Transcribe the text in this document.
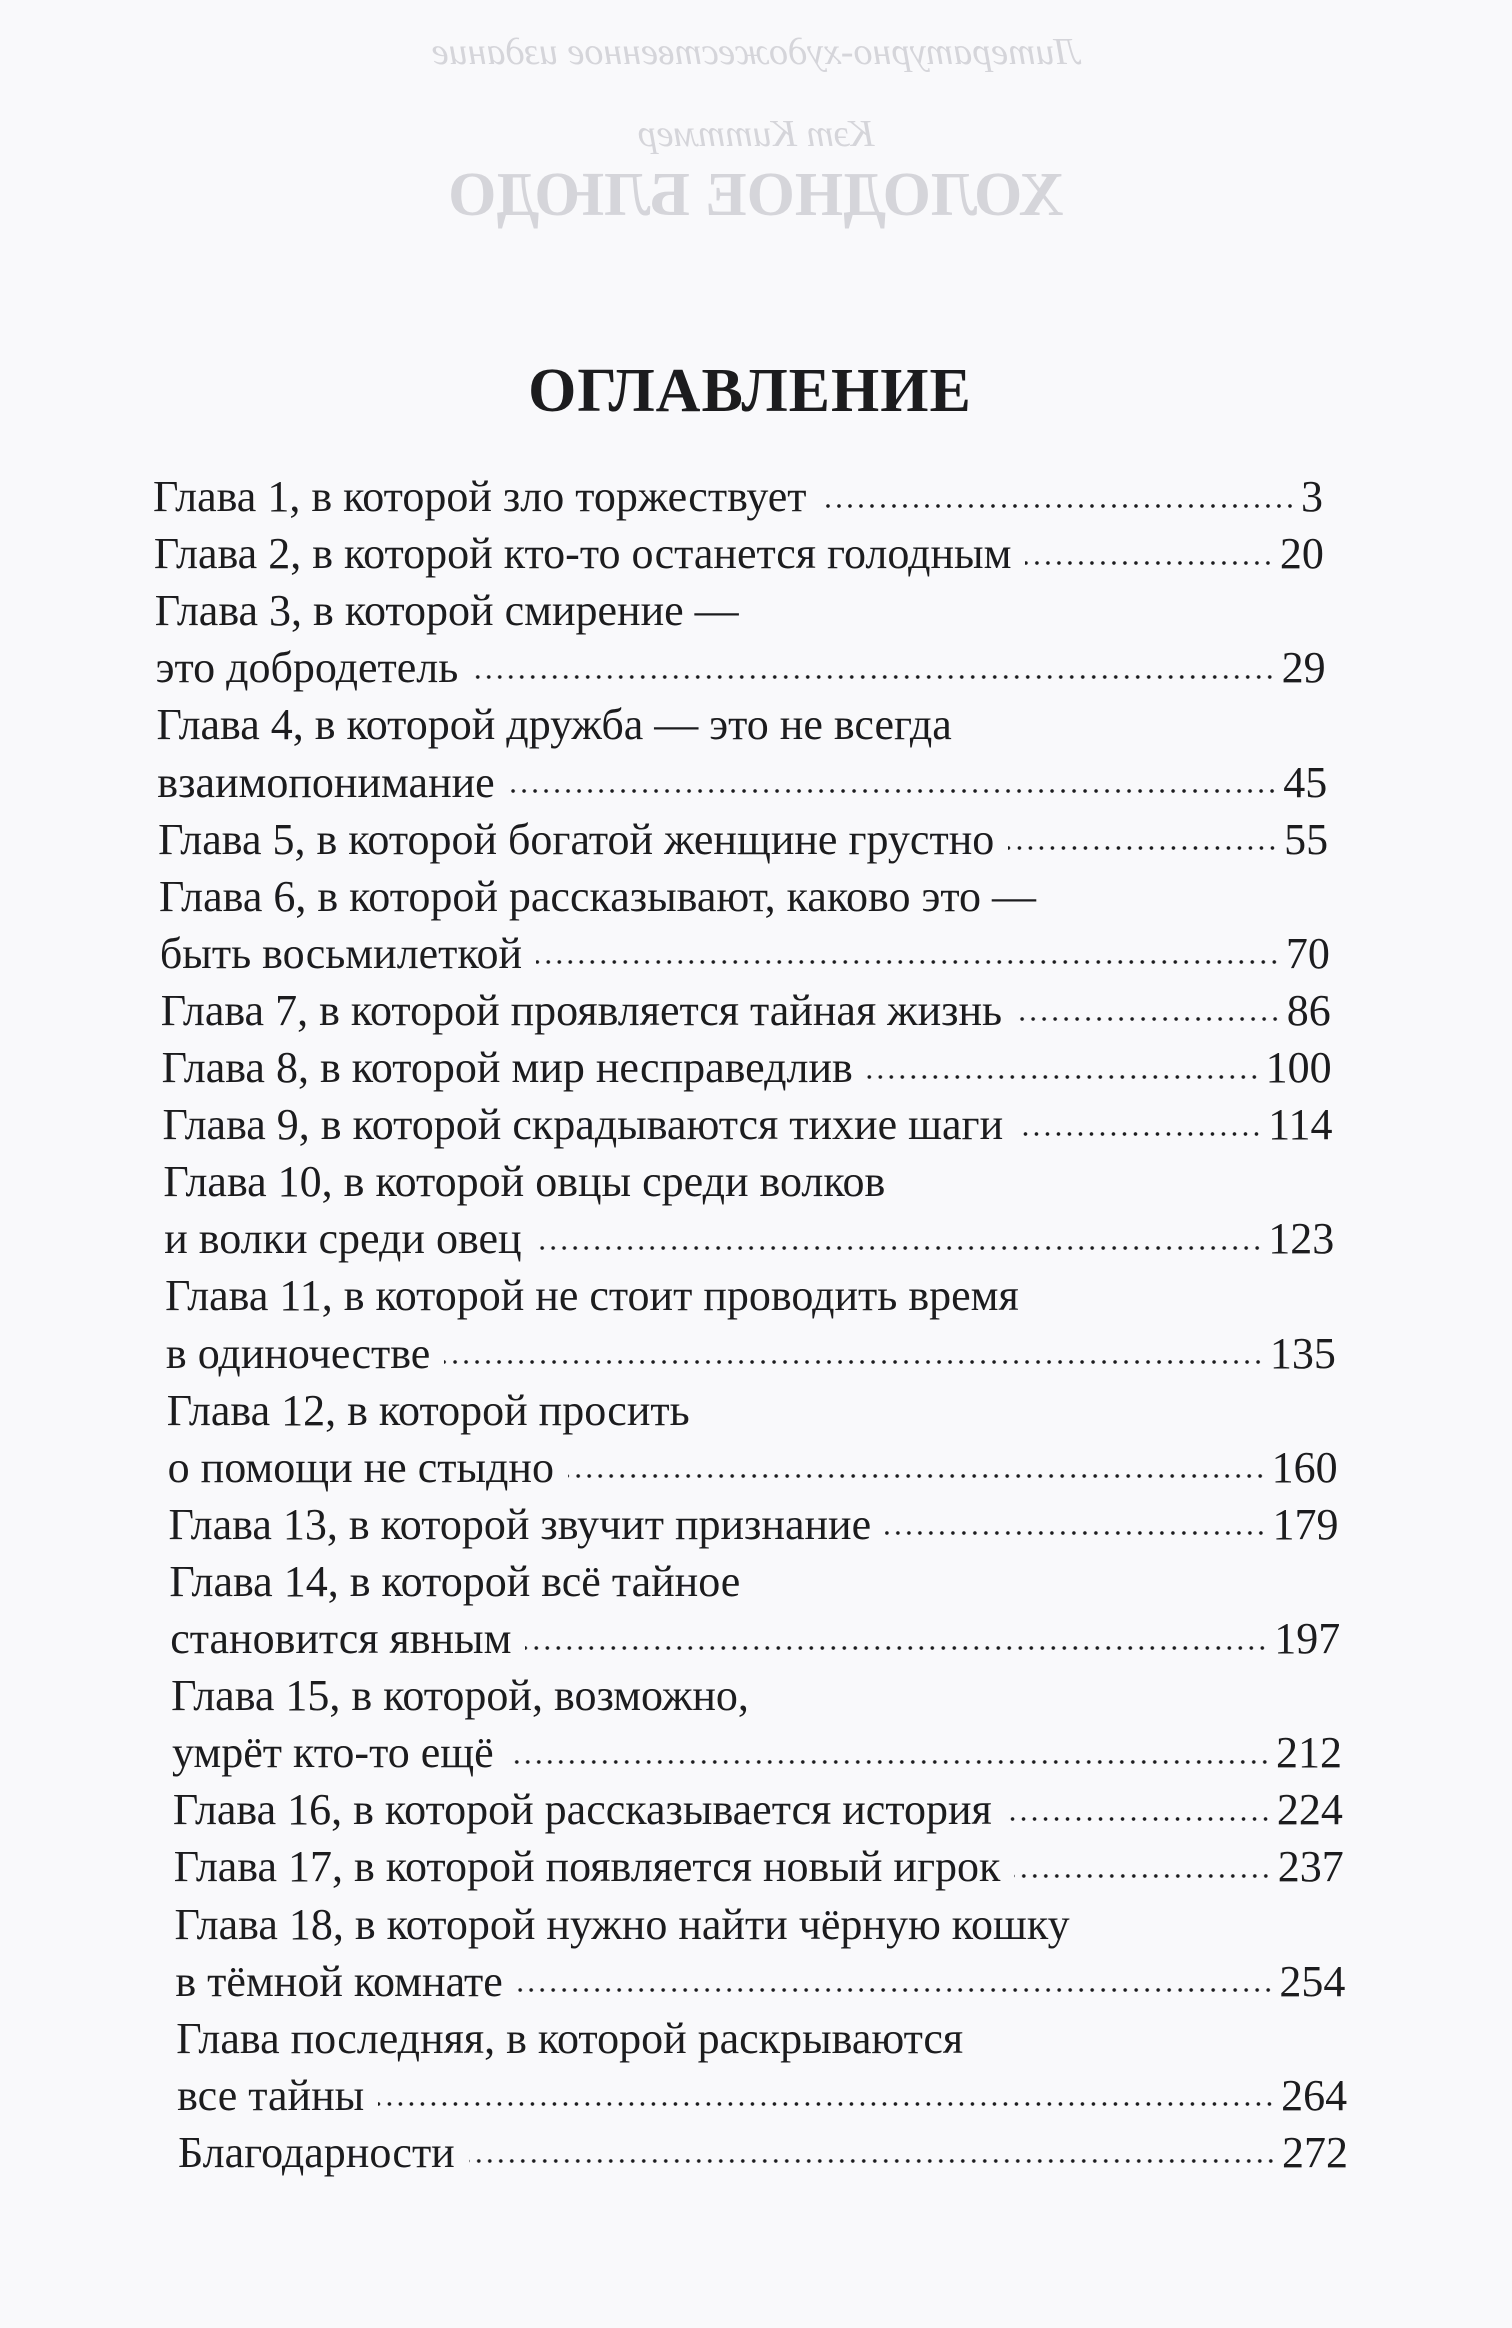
Литературно-художественное издание
Кэт Киттмер
ХОЛОДНОЕ БЛЮДО
ОГЛАВЛЕНИЕ
Глава 1, в которой зло торжествует	3
Глава 2, в которой кто-то останется голодным	20
Глава 3, в которой смирение —
это добродетель	29
Глава 4, в которой дружба — это не всегда
взаимопонимание	45
Глава 5, в которой богатой женщине грустно	55
Глава 6, в которой рассказывают, каково это —
быть восьмилеткой	70
Глава 7, в которой проявляется тайная жизнь	86
Глава 8, в которой мир несправедлив	100
Глава 9, в которой скрадываются тихие шаги	114
Глава 10, в которой овцы среди волков
и волки среди овец	123
Глава 11, в которой не стоит проводить время
в одиночестве	135
Глава 12, в которой просить
о помощи не стыдно	160
Глава 13, в которой звучит признание	179
Глава 14, в которой всё тайное
становится явным	197
Глава 15, в которой, возможно,
умрёт кто-то ещё	212
Глава 16, в которой рассказывается история	224
Глава 17, в которой появляется новый игрок	237
Глава 18, в которой нужно найти чёрную кошку
в тёмной комнате	254
Глава последняя, в которой раскрываются
все тайны	264
Благодарности	272
